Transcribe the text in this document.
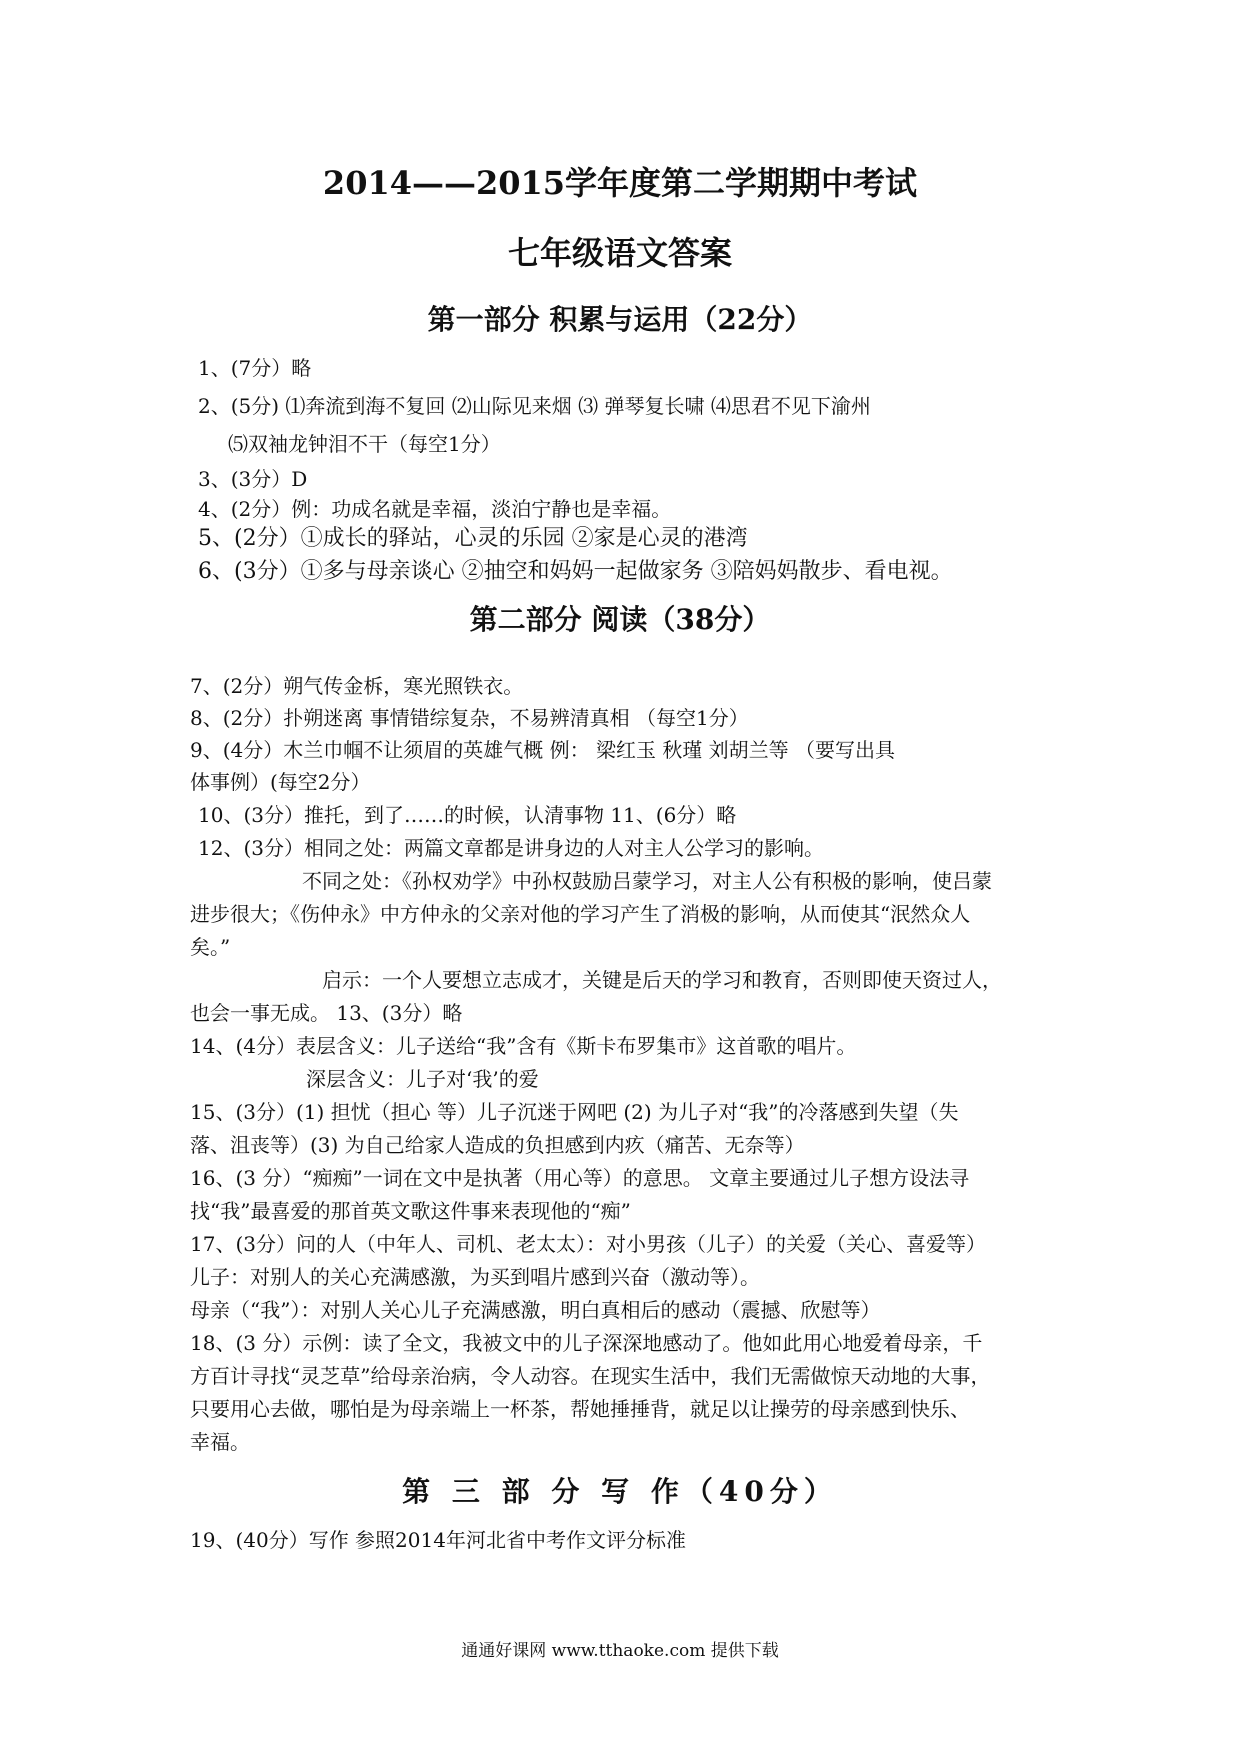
2014——2015学年度第二学期期中考试
七年级语文答案
第一部分 积累与运用（22分）
1、(7分）略
2、(5分) ⑴奔流到海不复回 ⑵山际见来烟 ⑶ 弹琴复长啸 ⑷思君不见下渝州
⑸双袖龙钟泪不干（每空1分）
3、(3分）D
4、(2分）例：功成名就是幸福，淡泊宁静也是幸福。
5、(2分）①成长的驿站，心灵的乐园 ②家是心灵的港湾
6、(3分）①多与母亲谈心 ②抽空和妈妈一起做家务 ③陪妈妈散步、看电视。
第二部分 阅读（38分）
7、(2分）朔气传金柝，寒光照铁衣。
8、(2分）扑朔迷离 事情错综复杂，不易辨清真相 （每空1分）
9、(4分）木兰巾帼不让须眉的英雄气概 例： 梁红玉 秋瑾 刘胡兰等 （要写出具
体事例）(每空2分）
10、(3分）推托，到了……的时候，认清事物 11、(6分）略
12、(3分）相同之处：两篇文章都是讲身边的人对主人公学习的影响。
不同之处：《孙权劝学》中孙权鼓励吕蒙学习，对主人公有积极的影响，使吕蒙
进步很大；《伤仲永》中方仲永的父亲对他的学习产生了消极的影响，从而使其“泯然众人
矣。”
启示：一个人要想立志成才，关键是后天的学习和教育，否则即使天资过人，
也会一事无成。 13、(3分）略
14、(4分）表层含义：儿子送给“我”含有《斯卡布罗集市》这首歌的唱片。
深层含义：儿子对‘我’的爱
15、(3分）(1) 担忧（担心 等）儿子沉迷于网吧 (2) 为儿子对“我”的冷落感到失望（失
落、沮丧等）(3) 为自己给家人造成的负担感到内疚（痛苦、无奈等）
16、(3 分）“痴痴”一词在文中是执著（用心等）的意思。 文章主要通过儿子想方设法寻
找“我”最喜爱的那首英文歌这件事来表现他的“痴”
17、(3分）问的人（中年人、司机、老太太）：对小男孩（儿子）的关爱（关心、喜爱等）
儿子：对别人的关心充满感激，为买到唱片感到兴奋（激动等）。
母亲（“我”）：对别人关心儿子充满感激，明白真相后的感动（震撼、欣慰等）
18、(3 分）示例：读了全文，我被文中的儿子深深地感动了。他如此用心地爱着母亲，千
方百计寻找“灵芝草”给母亲治病，令人动容。在现实生活中，我们无需做惊天动地的大事，
只要用心去做，哪怕是为母亲端上一杯茶，帮她捶捶背，就足以让操劳的母亲感到快乐、
幸福。
第 三 部 分 写 作（40分）
19、(40分）写作 参照2014年河北省中考作文评分标准
通通好课网 www.tthaoke.com 提供下载
